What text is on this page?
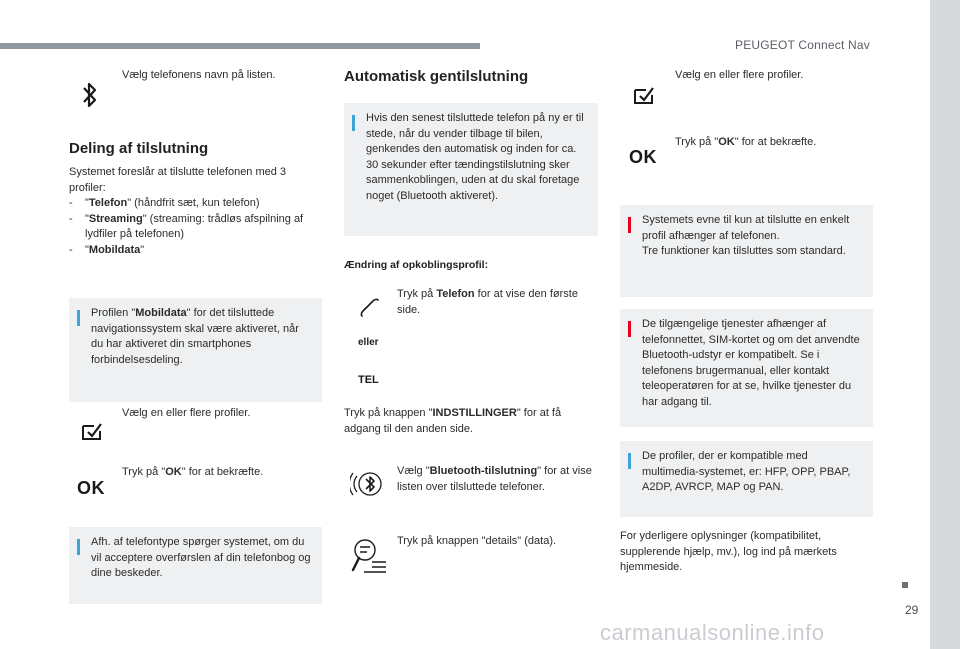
PEUGEOT Connect Nav
29
carmanualsonline.info
Vælg telefonens navn på listen.
Deling af tilslutning
Systemet foreslår at tilslutte telefonen med 3 profiler:
- "Telefon" (håndfrit sæt, kun telefon)
- "Streaming" (streaming: trådløs afspilning af lydfiler på telefonen)
- "Mobildata"
Profilen "Mobildata" for det tilsluttede navigationssystem skal være aktiveret, når du har aktiveret din smartphones forbindelsesdeling.
Vælg en eller flere profiler.
OK
Tryk på "OK" for at bekræfte.
Afh. af telefontype spørger systemet, om du vil acceptere overførslen af din telefonbog og dine beskeder.
Automatisk gentilslutning
Hvis den senest tilsluttede telefon på ny er til stede, når du vender tilbage til bilen, genkendes den automatisk og inden for ca. 30 sekunder efter tændingstilslutning sker sammenkoblingen, uden at du skal foretage noget (Bluetooth aktiveret).
Ændring af opkoblingsprofil:
Tryk på Telefon for at vise den første side.
eller
TEL
Tryk på knappen "INDSTILLINGER" for at få adgang til den anden side.
Vælg "Bluetooth-tilslutning" for at vise listen over tilsluttede telefoner.
Tryk på knappen "details" (data).
Vælg en eller flere profiler.
OK
Tryk på "OK" for at bekræfte.
Systemets evne til kun at tilslutte en enkelt profil afhænger af telefonen.
Tre funktioner kan tilsluttes som standard.
De tilgængelige tjenester afhænger af telefonnettet, SIM-kortet og om det anvendte Bluetooth-udstyr er kompatibelt. Se i telefonens brugermanual, eller kontakt teleoperatøren for at se, hvilke tjenester du har adgang til.
De profiler, der er kompatible med multimedia-systemet, er: HFP, OPP, PBAP, A2DP, AVRCP, MAP og PAN.
For yderligere oplysninger (kompatibilitet, supplerende hjælp, mv.), log ind på mærkets hjemmeside.
